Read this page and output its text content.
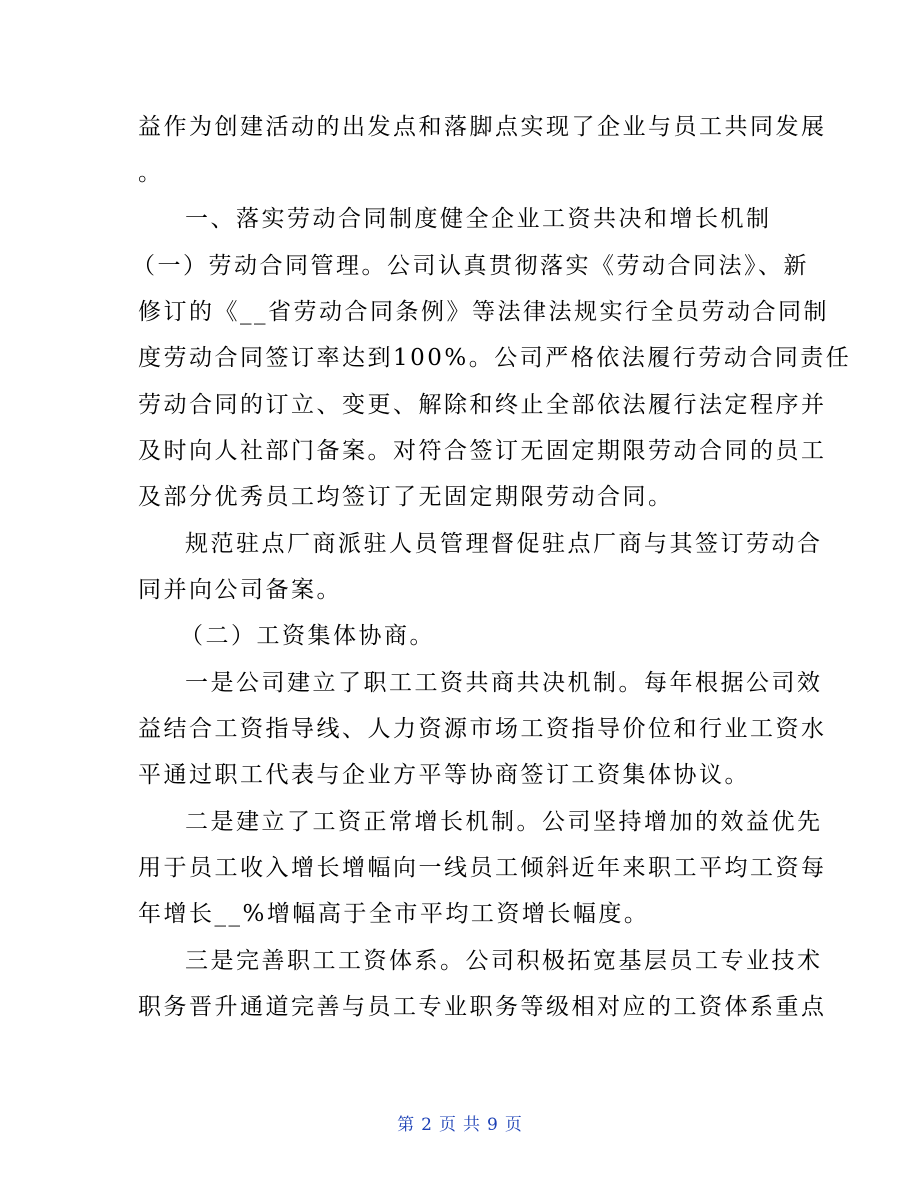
益作为创建活动的出发点和落脚点实现了企业与员工共同发展
。
一、落实劳动合同制度健全企业工资共决和增长机制
（一）劳动合同管理。公司认真贯彻落实《劳动合同法》、新
修订的《__省劳动合同条例》等法律法规实行全员劳动合同制
度劳动合同签订率达到100%。公司严格依法履行劳动合同责任
劳动合同的订立、变更、解除和终止全部依法履行法定程序并
及时向人社部门备案。对符合签订无固定期限劳动合同的员工
及部分优秀员工均签订了无固定期限劳动合同。
规范驻点厂商派驻人员管理督促驻点厂商与其签订劳动合
同并向公司备案。
（二）工资集体协商。
一是公司建立了职工工资共商共决机制。每年根据公司效
益结合工资指导线、人力资源市场工资指导价位和行业工资水
平通过职工代表与企业方平等协商签订工资集体协议。
二是建立了工资正常增长机制。公司坚持增加的效益优先
用于员工收入增长增幅向一线员工倾斜近年来职工平均工资每
年增长__%增幅高于全市平均工资增长幅度。
三是完善职工工资体系。公司积极拓宽基层员工专业技术
职务晋升通道完善与员工专业职务等级相对应的工资体系重点
第 2 页 共 9 页
